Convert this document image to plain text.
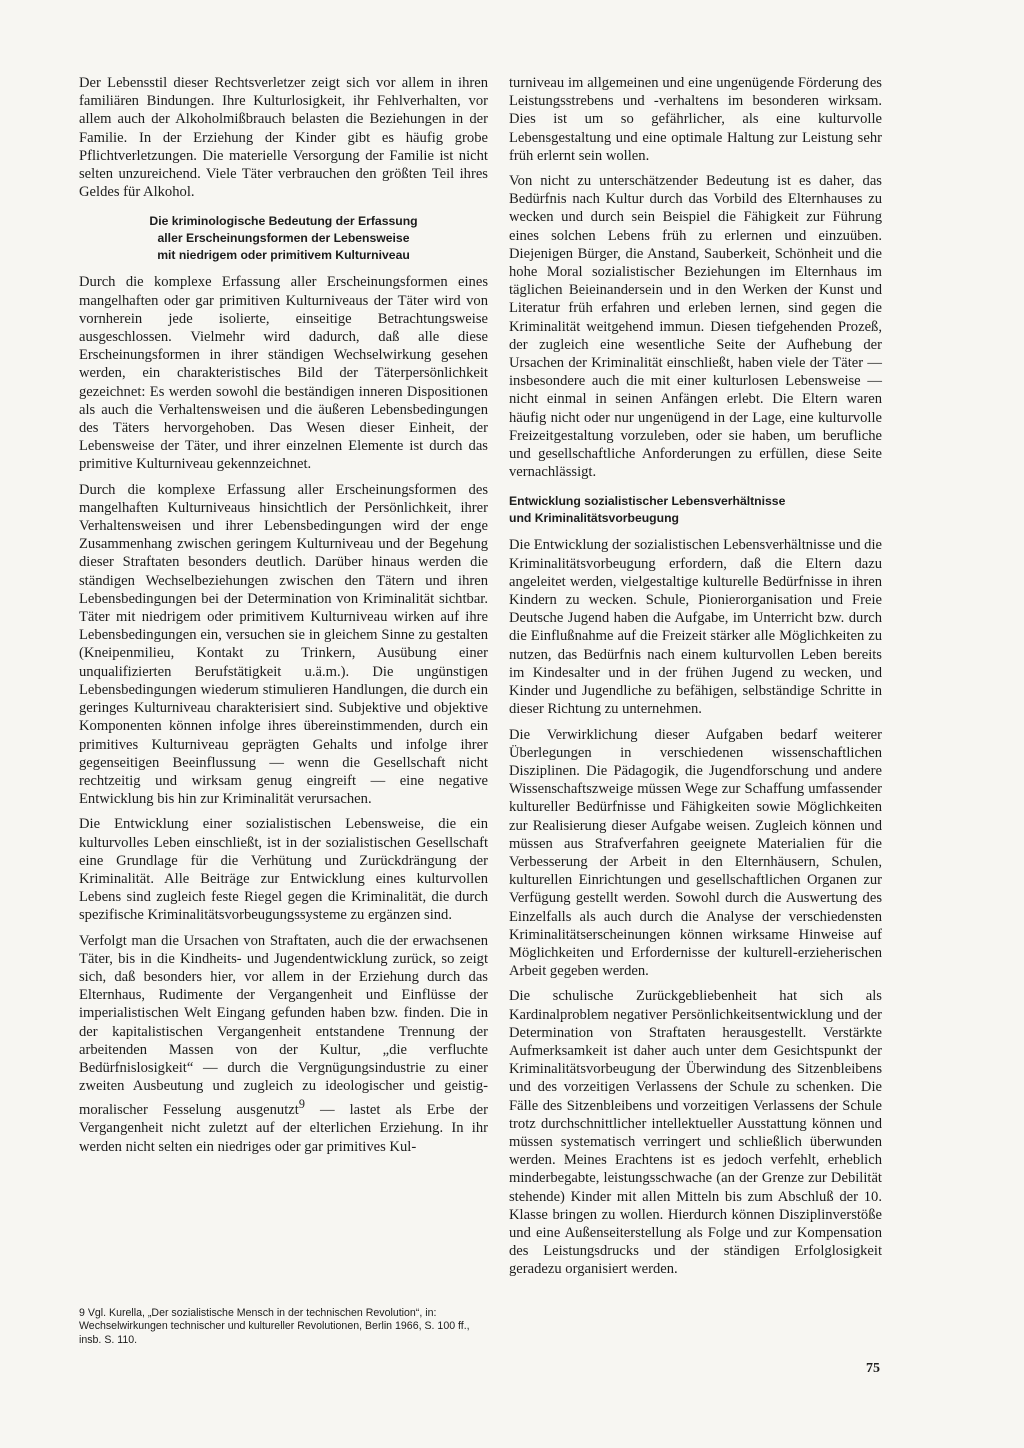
Der Lebensstil dieser Rechtsverletzer zeigt sich vor allem in ihren familiären Bindungen. Ihre Kulturlosigkeit, ihr Fehlverhalten, vor allem auch der Alkoholmißbrauch belasten die Beziehungen in der Familie. In der Erziehung der Kinder gibt es häufig grobe Pflichtverletzungen. Die materielle Versorgung der Familie ist nicht selten unzureichend. Viele Täter verbrauchen den größten Teil ihres Geldes für Alkohol.

Die kriminologische Bedeutung der Erfassung
aller Erscheinungsformen der Lebensweise
mit niedrigem oder primitivem Kulturniveau

Durch die komplexe Erfassung aller Erscheinungsformen eines mangelhaften oder gar primitiven Kulturniveaus der Täter wird von vornherein jede isolierte, einseitige Betrachtungsweise ausgeschlossen. Vielmehr wird dadurch, daß alle diese Erscheinungsformen in ihrer ständigen Wechselwirkung gesehen werden, ein charakteristisches Bild der Täterpersönlichkeit gezeichnet: Es werden sowohl die beständigen inneren Dispositionen als auch die Verhaltensweisen und die äußeren Lebensbedingungen des Täters hervorgehoben. Das Wesen dieser Einheit, der Lebensweise der Täter, und ihrer einzelnen Elemente ist durch das primitive Kulturniveau gekennzeichnet.

Durch die komplexe Erfassung aller Erscheinungsformen des mangelhaften Kulturniveaus hinsichtlich der Persönlichkeit, ihrer Verhaltensweisen und ihrer Lebensbedingungen wird der enge Zusammenhang zwischen geringem Kulturniveau und der Begehung dieser Straftaten besonders deutlich. Darüber hinaus werden die ständigen Wechselbeziehungen zwischen den Tätern und ihren Lebensbedingungen bei der Determination von Kriminalität sichtbar. Täter mit niedrigem oder primitivem Kulturniveau wirken auf ihre Lebensbedingungen ein, versuchen sie in gleichem Sinne zu gestalten (Kneipenmilieu, Kontakt zu Trinkern, Ausübung einer unqualifizierten Berufstätigkeit u.ä.m.). Die ungünstigen Lebensbedingungen wiederum stimulieren Handlungen, die durch ein geringes Kulturniveau charakterisiert sind. Subjektive und objektive Komponenten können infolge ihres übereinstimmenden, durch ein primitives Kulturniveau geprägten Gehalts und infolge ihrer gegenseitigen Beeinflussung — wenn die Gesellschaft nicht rechtzeitig und wirksam genug eingreift — eine negative Entwicklung bis hin zur Kriminalität verursachen.

Die Entwicklung einer sozialistischen Lebensweise, die ein kulturvolles Leben einschließt, ist in der sozialistischen Gesellschaft eine Grundlage für die Verhütung und Zurückdrängung der Kriminalität. Alle Beiträge zur Entwicklung eines kulturvollen Lebens sind zugleich feste Riegel gegen die Kriminalität, die durch spezifische Kriminalitätsvorbeugungssysteme zu ergänzen sind.

Verfolgt man die Ursachen von Straftaten, auch die der erwachsenen Täter, bis in die Kindheits- und Jugendentwicklung zurück, so zeigt sich, daß besonders hier, vor allem in der Erziehung durch das Elternhaus, Rudimente der Vergangenheit und Einflüsse der imperialistischen Welt Eingang gefunden haben bzw. finden. Die in der kapitalistischen Vergangenheit entstandene Trennung der arbeitenden Massen von der Kultur, „die verfluchte Bedürfnislosigkeit“ — durch die Vergnügungsindustrie zu einer zweiten Ausbeutung und zugleich zu ideologischer und geistig-moralischer Fesselung ausgenutzt$^9$ — lastet als Erbe der Vergangenheit nicht zuletzt auf der elterlichen Erziehung. In ihr werden nicht selten ein niedriges oder gar primitives Kul-

turniveau im allgemeinen und eine ungenügende Förderung des Leistungsstrebens und -verhaltens im besonderen wirksam. Dies ist um so gefährlicher, als eine kulturvolle Lebensgestaltung und eine optimale Haltung zur Leistung sehr früh erlernt sein wollen.

Von nicht zu unterschätzender Bedeutung ist es daher, das Bedürfnis nach Kultur durch das Vorbild des Elternhauses zu wecken und durch sein Beispiel die Fähigkeit zur Führung eines solchen Lebens früh zu erlernen und einzuüben. Diejenigen Bürger, die Anstand, Sauberkeit, Schönheit und die hohe Moral sozialistischer Beziehungen im Elternhaus im täglichen Beieinandersein und in den Werken der Kunst und Literatur früh erfahren und erleben lernen, sind gegen die Kriminalität weitgehend immun. Diesen tiefgehenden Prozeß, der zugleich eine wesentliche Seite der Aufhebung der Ursachen der Kriminalität einschließt, haben viele der Täter — insbesondere auch die mit einer kulturlosen Lebensweise — nicht einmal in seinen Anfängen erlebt. Die Eltern waren häufig nicht oder nur ungenügend in der Lage, eine kulturvolle Freizeitgestaltung vorzuleben, oder sie haben, um berufliche und gesellschaftliche Anforderungen zu erfüllen, diese Seite vernachlässigt.

Entwicklung sozialistischer Lebensverhältnisse
und Kriminalitätsvorbeugung

Die Entwicklung der sozialistischen Lebensverhältnisse und die Kriminalitätsvorbeugung erfordern, daß die Eltern dazu angeleitet werden, vielgestaltige kulturelle Bedürfnisse in ihren Kindern zu wecken. Schule, Pionierorganisation und Freie Deutsche Jugend haben die Aufgabe, im Unterricht bzw. durch die Einflußnahme auf die Freizeit stärker alle Möglichkeiten zu nutzen, das Bedürfnis nach einem kulturvollen Leben bereits im Kindesalter und in der frühen Jugend zu wecken, und Kinder und Jugendliche zu befähigen, selbständige Schritte in dieser Richtung zu unternehmen.

Die Verwirklichung dieser Aufgaben bedarf weiterer Überlegungen in verschiedenen wissenschaftlichen Disziplinen. Die Pädagogik, die Jugendforschung und andere Wissenschaftszweige müssen Wege zur Schaffung umfassender kultureller Bedürfnisse und Fähigkeiten sowie Möglichkeiten zur Realisierung dieser Aufgabe weisen. Zugleich können und müssen aus Strafverfahren geeignete Materialien für die Verbesserung der Arbeit in den Elternhäusern, Schulen, kulturellen Einrichtungen und gesellschaftlichen Organen zur Verfügung gestellt werden. Sowohl durch die Auswertung des Einzelfalls als auch durch die Analyse der verschiedensten Kriminalitätserscheinungen können wirksame Hinweise auf Möglichkeiten und Erfordernisse der kulturell-erzieherischen Arbeit gegeben werden.

Die schulische Zurückgebliebenheit hat sich als Kardinalproblem negativer Persönlichkeitsentwicklung und der Determination von Straftaten herausgestellt. Verstärkte Aufmerksamkeit ist daher auch unter dem Gesichtspunkt der Kriminalitätsvorbeugung der Überwindung des Sitzenbleibens und des vorzeitigen Verlassens der Schule zu schenken. Die Fälle des Sitzenbleibens und vorzeitigen Verlassens der Schule trotz durchschnittlicher intellektueller Ausstattung können und müssen systematisch verringert und schließlich überwunden werden. Meines Erachtens ist es jedoch verfehlt, erheblich minderbegabte, leistungsschwache (an der Grenze zur Debilität stehende) Kinder mit allen Mitteln bis zum Abschluß der 10. Klasse bringen zu wollen. Hierdurch können Disziplinverstöße und eine Außenseiterstellung als Folge und zur Kompensation des Leistungsdrucks und der ständigen Erfolglosigkeit geradezu organisiert werden.

9 Vgl. Kurella, „Der sozialistische Mensch in der technischen Revolution“, in: Wechselwirkungen technischer und kultureller Revolutionen, Berlin 1966, S. 100 ff., insb. S. 110.

75
